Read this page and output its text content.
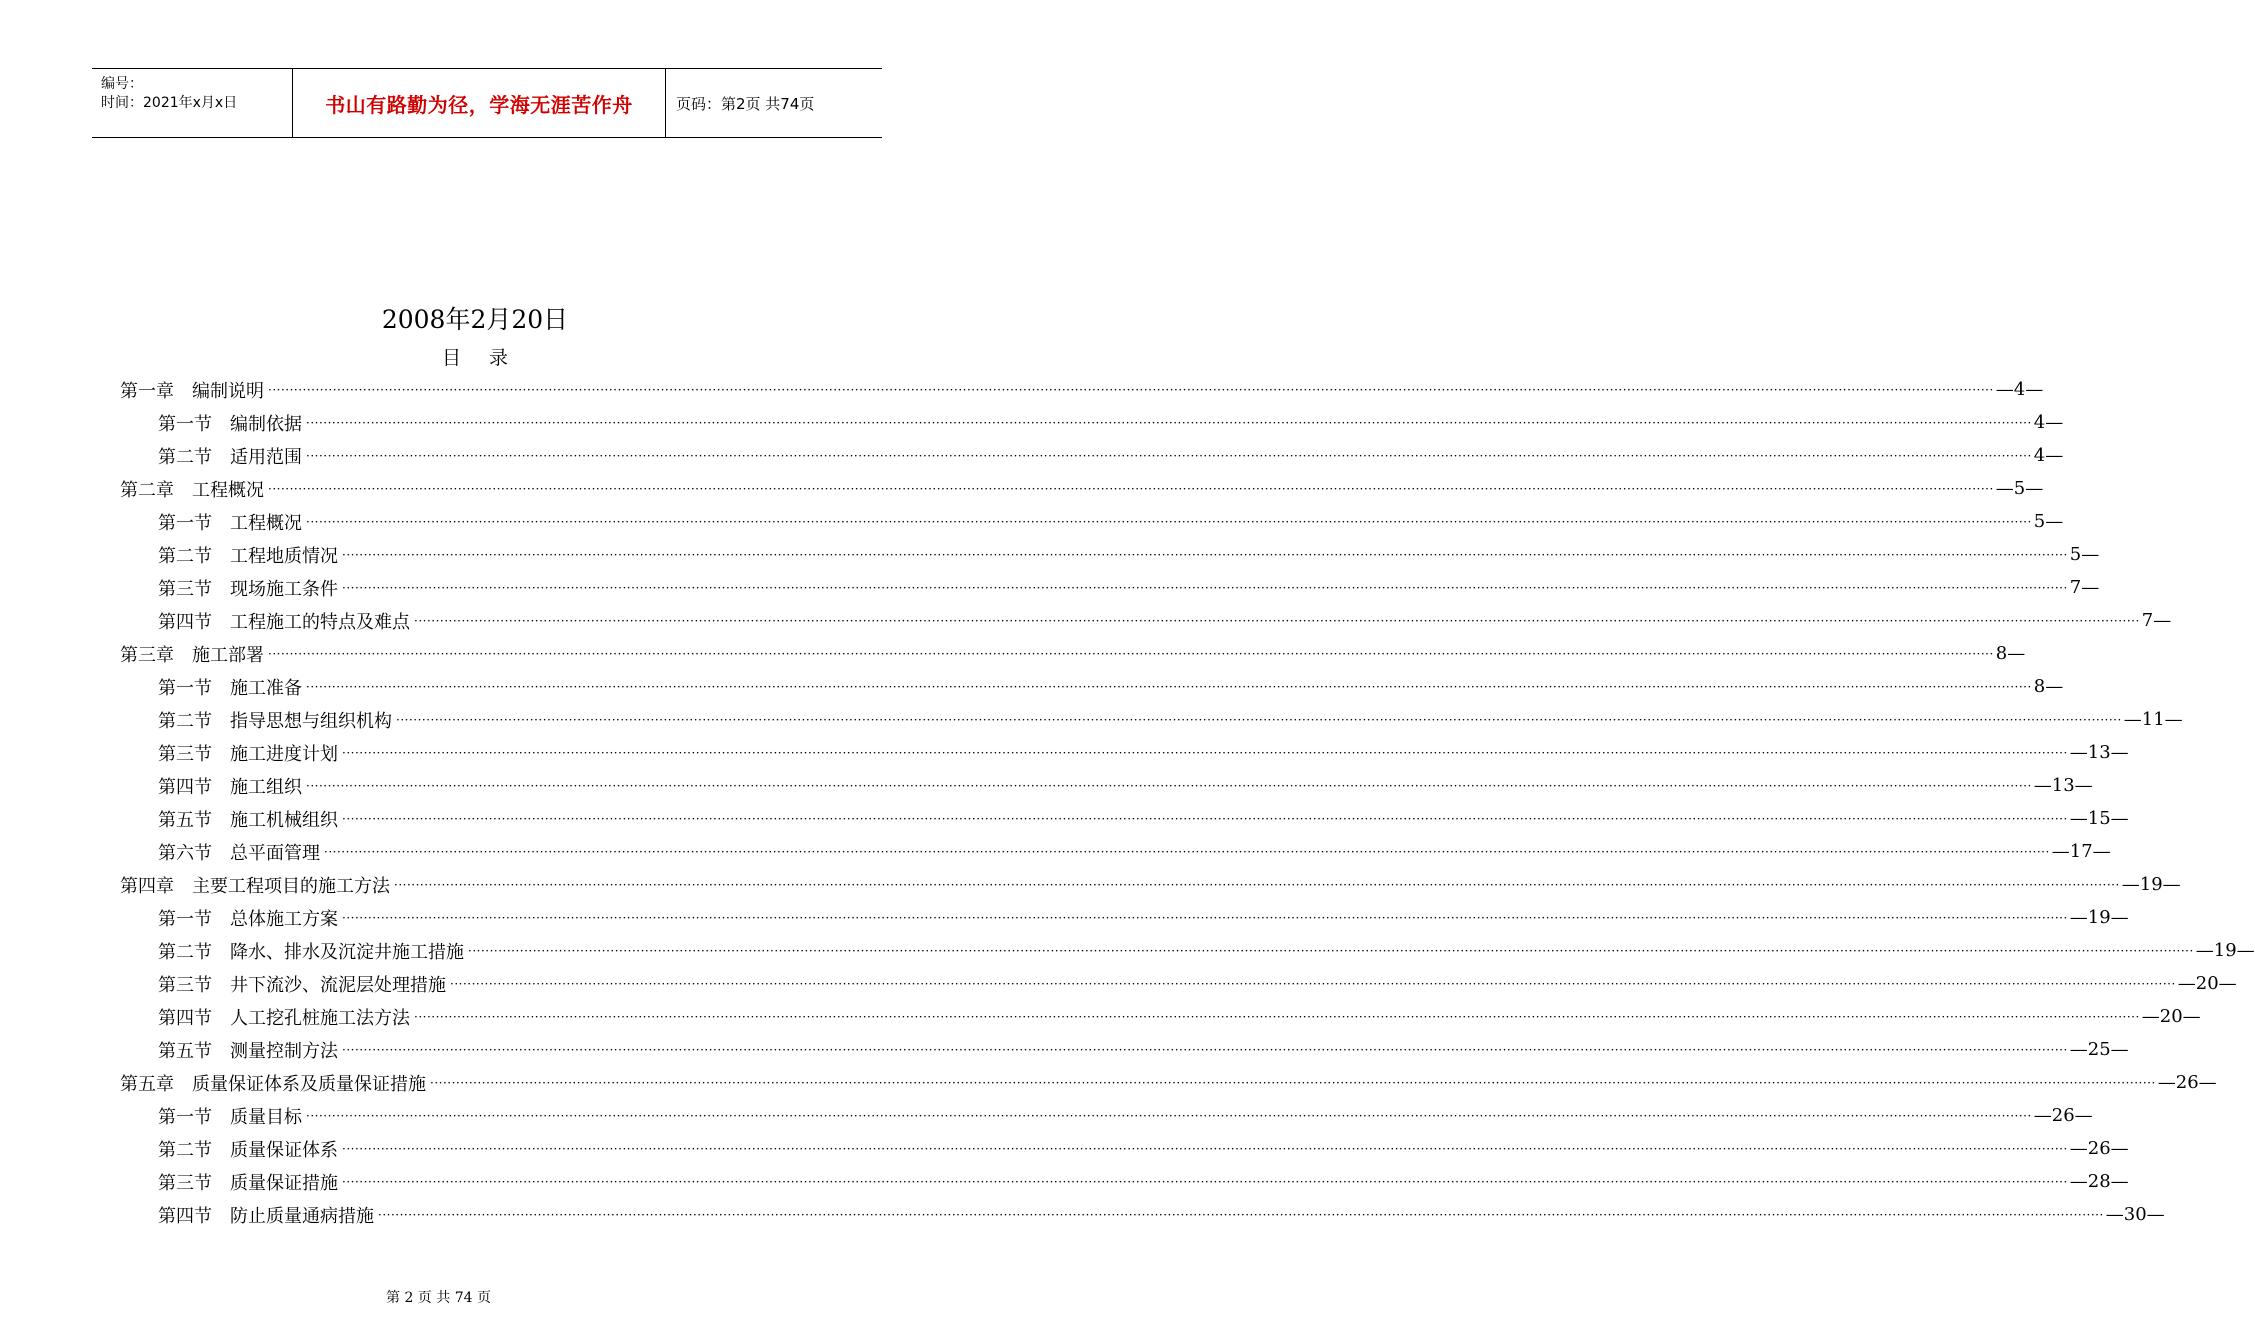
编号：
时间：2021年x月x日	书山有路勤为径，学海无涯苦作舟	页码：第2页 共74页
2008年2月20日
目录
第一章　编制说明 ················································································································································································································································································································································································································ —4—
第一节　编制依据 ················································································································································································································································································································································································································ 4—
第二节　适用范围 ················································································································································································································································································································································································································ 4—
第二章　工程概况 ················································································································································································································································································································································································································ —5—
第一节　工程概况 ················································································································································································································································································································································································································ 5—
第二节　工程地质情况 ················································································································································································································································································································································································································ 5—
第三节　现场施工条件 ················································································································································································································································································································································································································ 7—
第四节　工程施工的特点及难点 ················································································································································································································································································································································································································ 7—
第三章　施工部署 ················································································································································································································································································································································································································ 8—
第一节　施工准备 ················································································································································································································································································································································································································ 8—
第二节　指导思想与组织机构 ················································································································································································································································································································································································································ —11—
第三节　施工进度计划 ················································································································································································································································································································································································································ —13—
第四节　施工组织 ················································································································································································································································································································································································································ —13—
第五节　施工机械组织 ················································································································································································································································································································································································································ —15—
第六节　总平面管理 ················································································································································································································································································································································································································ —17—
第四章　主要工程项目的施工方法 ················································································································································································································································································································································································································ —19—
第一节　总体施工方案 ················································································································································································································································································································································································································ —19—
第二节　降水、排水及沉淀井施工措施 ················································································································································································································································································································································································································ —19—
第三节　井下流沙、流泥层处理措施 ················································································································································································································································································································································································································ —20—
第四节　人工挖孔桩施工法方法 ················································································································································································································································································································································································································ —20—
第五节　测量控制方法 ················································································································································································································································································································································································································ —25—
第五章　质量保证体系及质量保证措施 ················································································································································································································································································································································································································ —26—
第一节　质量目标 ················································································································································································································································································································································································································ —26—
第二节　质量保证体系 ················································································································································································································································································································································································································ —26—
第三节　质量保证措施 ················································································································································································································································································································································································································ —28—
第四节　防止质量通病措施 ················································································································································································································································································································································································································ —30—
第 2 页 共 74 页
